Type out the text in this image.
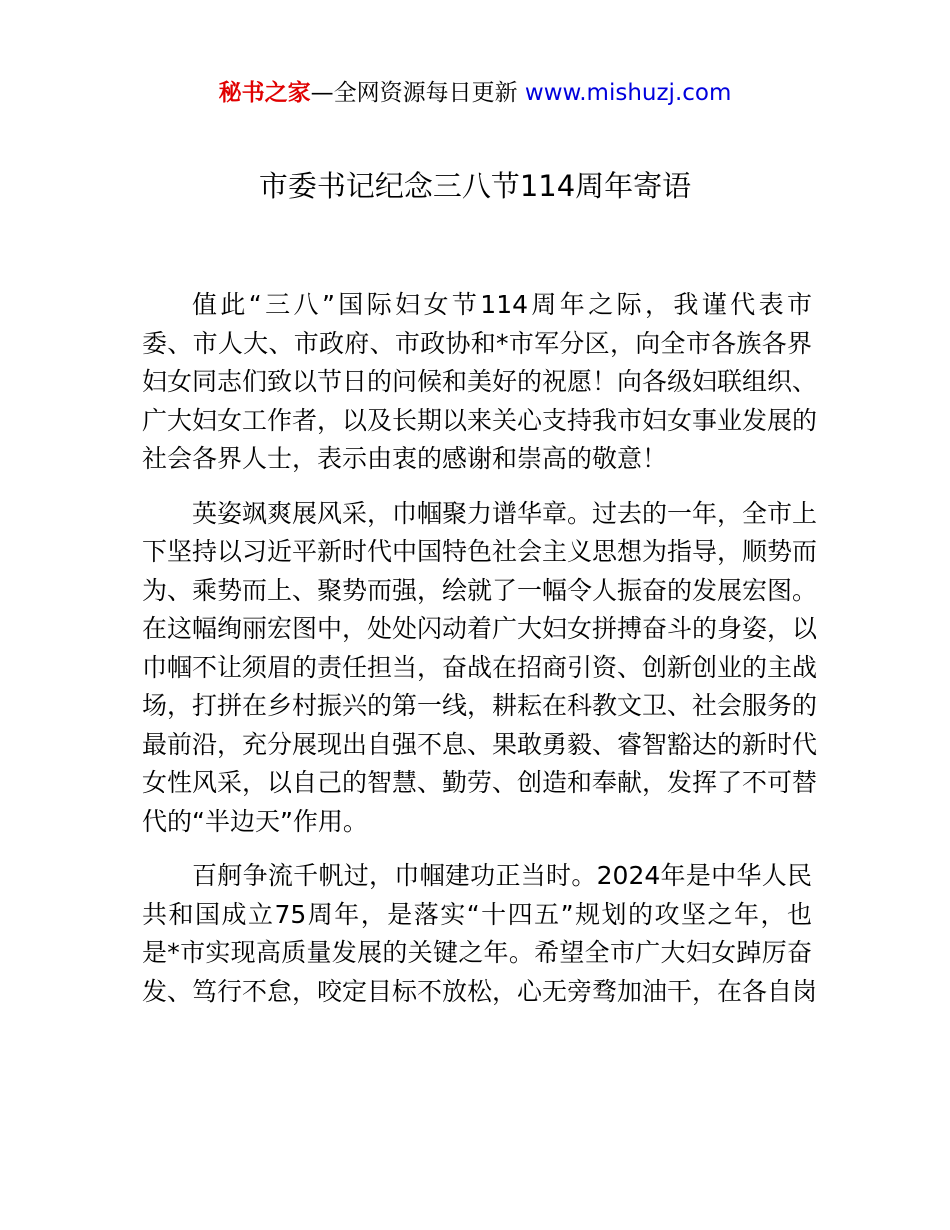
秘书之家—全网资源每日更新 www.mishuzj.com
市委书记纪念三八节114周年寄语
值此“三八”国际妇女节114周年之际，我谨代表市
委、市人大、市政府、市政协和*市军分区，向全市各族各界
妇女同志们致以节日的问候和美好的祝愿！向各级妇联组织、
广大妇女工作者，以及长期以来关心支持我市妇女事业发展的
社会各界人士，表示由衷的感谢和崇高的敬意！
英姿飒爽展风采，巾帼聚力谱华章。过去的一年，全市上
下坚持以习近平新时代中国特色社会主义思想为指导，顺势而
为、乘势而上、聚势而强，绘就了一幅令人振奋的发展宏图。
在这幅绚丽宏图中，处处闪动着广大妇女拼搏奋斗的身姿，以
巾帼不让须眉的责任担当，奋战在招商引资、创新创业的主战
场，打拼在乡村振兴的第一线，耕耘在科教文卫、社会服务的
最前沿，充分展现出自强不息、果敢勇毅、睿智豁达的新时代
女性风采，以自己的智慧、勤劳、创造和奉献，发挥了不可替
代的“半边天”作用。
百舸争流千帆过，巾帼建功正当时。2024年是中华人民
共和国成立75周年，是落实“十四五”规划的攻坚之年，也
是*市实现高质量发展的关键之年。希望全市广大妇女踔厉奋
发、笃行不怠，咬定目标不放松，心无旁骛加油干，在各自岗
